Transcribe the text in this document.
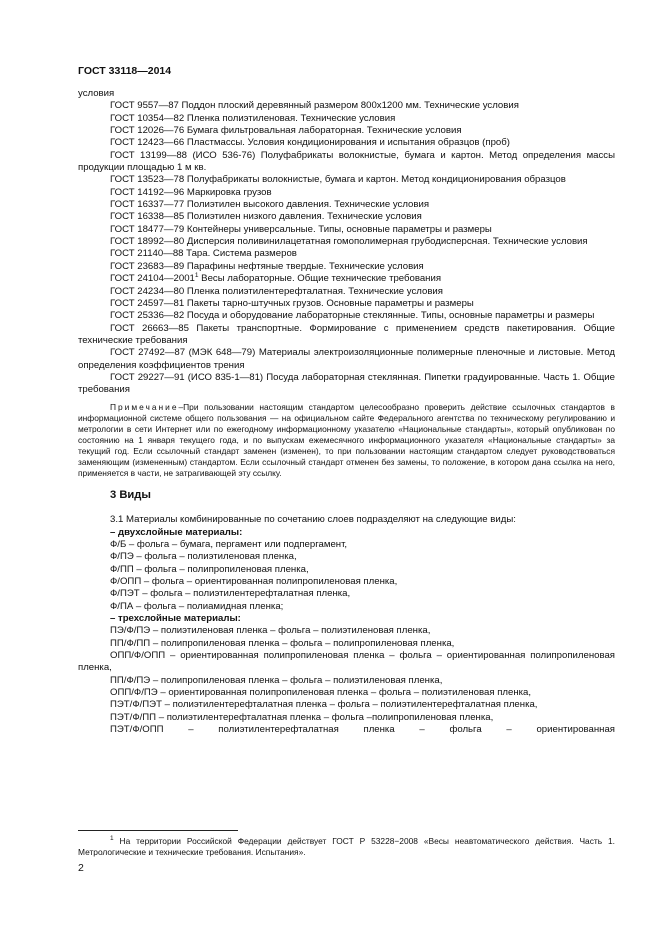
ГОСТ 33118—2014
условия
ГОСТ 9557—87 Поддон плоский деревянный размером 800х1200 мм. Технические условия
ГОСТ 10354—82 Пленка полиэтиленовая. Технические условия
ГОСТ 12026—76 Бумага фильтровальная лабораторная. Технические условия
ГОСТ 12423—66 Пластмассы. Условия кондиционирования и испытания образцов (проб)
ГОСТ 13199—88 (ИСО 536-76) Полуфабрикаты волокнистые, бумага и картон. Метод определения массы продукции площадью 1 м кв.
ГОСТ 13523—78 Полуфабрикаты волокнистые, бумага и картон. Метод кондиционирования образцов
ГОСТ 14192—96 Маркировка грузов
ГОСТ 16337—77 Полиэтилен высокого давления. Технические условия
ГОСТ 16338—85 Полиэтилен низкого давления. Технические условия
ГОСТ 18477—79 Контейнеры универсальные. Типы, основные параметры и размеры
ГОСТ 18992—80 Дисперсия поливинилацетатная гомополимерная грубодисперсная. Технические условия
ГОСТ 21140—88 Тара. Система размеров
ГОСТ 23683—89 Парафины нефтяные твердые. Технические условия
ГОСТ 24104—2001$^1$ Весы лабораторные. Общие технические требования
ГОСТ 24234—80 Пленка полиэтилентерефталатная. Технические условия
ГОСТ 24597—81 Пакеты тарно-штучных грузов. Основные параметры и размеры
ГОСТ 25336—82 Посуда и оборудование лабораторные стеклянные. Типы, основные параметры и размеры
ГОСТ 26663—85 Пакеты транспортные. Формирование с применением средств пакетирования. Общие технические требования
ГОСТ 27492—87 (МЭК 648—79) Материалы электроизоляционные полимерные пленочные и листовые. Метод определения коэффициентов трения
ГОСТ 29227—91 (ИСО 835-1—81) Посуда лабораторная стеклянная. Пипетки градуированные. Часть 1. Общие требования
Примечание–При пользовании настоящим стандартом целесообразно проверить действие ссылочных стандартов в информационной системе общего пользования — на официальном сайте Федерального агентства по техническому регулированию и метрологии в сети Интернет или по ежегодному информационному указателю «Национальные стандарты», который опубликован по состоянию на 1 января текущего года, и по выпускам ежемесячного информационного указателя «Национальные стандарты» за текущий год. Если ссылочный стандарт заменен (изменен), то при пользовании настоящим стандартом следует руководствоваться заменяющим (измененным) стандартом. Если ссылочный стандарт отменен без замены, то положение, в котором дана ссылка на него, применяется в части, не затрагивающей эту ссылку.
3 Виды
3.1 Материалы комбинированные по сочетанию слоев подразделяют на следующие виды:
– двухслойные материалы:
Ф/Б – фольга – бумага, пергамент или подпергамент,
Ф/ПЭ – фольга – полиэтиленовая пленка,
Ф/ПП – фольга – полипропиленовая пленка,
Ф/ОПП – фольга – ориентированная полипропиленовая пленка,
Ф/ПЭТ – фольга – полиэтилентерефталатная пленка,
Ф/ПА – фольга – полиамидная пленка;
– трехслойные материалы:
ПЭ/Ф/ПЭ – полиэтиленовая пленка – фольга – полиэтиленовая пленка,
ПП/Ф/ПП – полипропиленовая пленка – фольга – полипропиленовая пленка,
ОПП/Ф/ОПП – ориентированная полипропиленовая пленка – фольга – ориентированная полипропиленовая пленка,
ПП/Ф/ПЭ – полипропиленовая пленка – фольга – полиэтиленовая пленка,
ОПП/Ф/ПЭ – ориентированная полипропиленовая пленка – фольга – полиэтиленовая пленка,
ПЭТ/Ф/ПЭТ – полиэтилентерефталатная пленка – фольга – полиэтилентерефталатная пленка,
ПЭТ/Ф/ПП – полиэтилентерефталатная пленка – фольга –полипропиленовая пленка,
ПЭТ/Ф/ОПП – полиэтилентерефталатная пленка – фольга – ориентированная
$^1$ На территории Российской Федерации действует ГОСТ Р 53228−2008 «Весы неавтоматического действия. Часть 1. Метрологические и технические требования. Испытания».
2
